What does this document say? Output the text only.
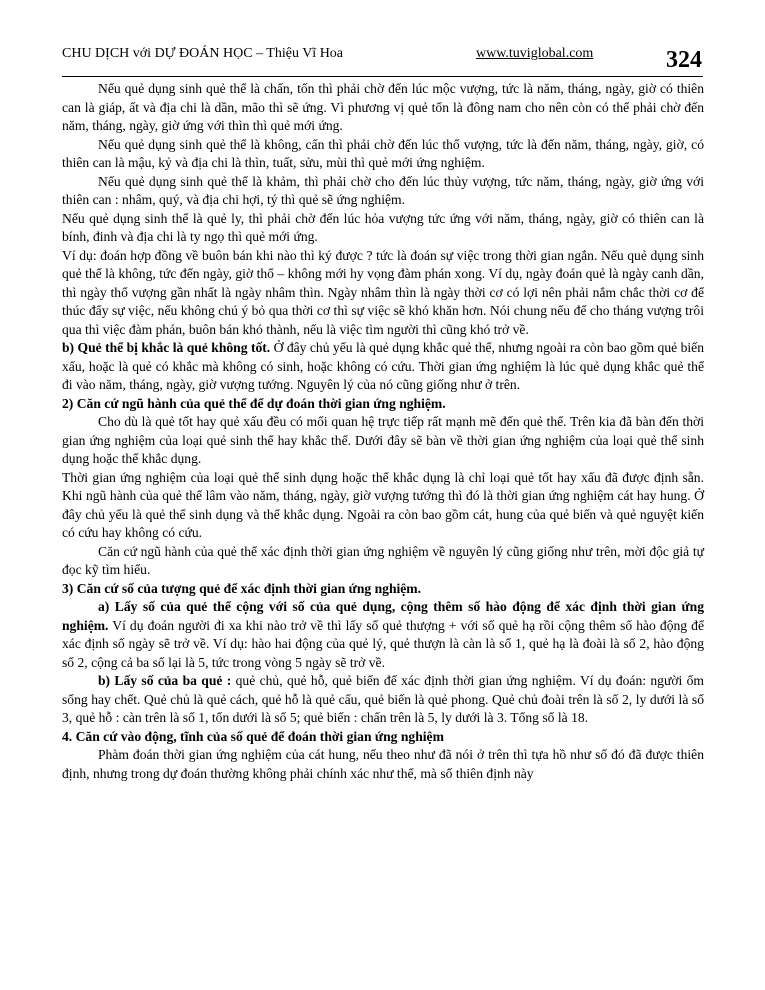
CHU DỊCH với DỰ ĐOÁN HỌC – Thiệu Vĩ Hoa	www.tuviglobal.com	324

Nếu quẻ dụng sinh quẻ thể là chấn, tốn thì phải chờ đến lúc mộc vượng, tức là năm, tháng, ngày, giờ có thiên can là giáp, ất và địa chi là dần, mão thì sẽ ứng. Vì phương vị quẻ tốn là đông nam cho nên còn có thể phải chờ đến năm, tháng, ngày, giờ ứng với thìn thì quẻ mới ứng.

Nếu quẻ dụng sinh quẻ thể là không, cấn thì phải chờ đến lúc thổ vượng, tức là đến năm, tháng, ngày, giờ, có thiên can là mậu, kỷ và địa chi là thìn, tuất, sửu, mùi thì quẻ mới ứng nghiệm.

Nếu quẻ dụng sinh quẻ thể là khảm, thì phải chờ cho đến lúc thủy vượng, tức năm, tháng, ngày, giờ ứng với thiên can : nhâm, quý, và địa chi hợi, tý thì quẻ sẽ ứng nghiệm.

Nếu quẻ dụng sinh thể là quẻ ly, thì phải chờ đến lúc hỏa vượng tức ứng với năm, tháng, ngày, giờ có thiên can là bính, đinh và địa chi là ty ngọ thì quẻ mới ứng.

Ví dụ: đoán hợp đồng về buôn bán khi nào thì ký được ? tức là đoán sự việc trong thời gian ngắn. Nếu quẻ dụng sinh quẻ thể là không, tức đến ngày, giờ thổ – không mới hy vọng đàm phán xong. Ví dụ, ngày đoán quẻ là ngày canh dần, thì ngày thổ vượng gần nhất là ngày nhâm thìn. Ngày nhâm thìn là ngày thời cơ có lợi nên phải nắm chắc thời cơ để thúc đẩy sự việc, nếu không chú ý bỏ qua thời cơ thì sự việc sẽ khó khăn hơn. Nói chung nếu để cho tháng vượng trôi qua thì việc đàm phán, buôn bán khó thành, nếu là việc tìm người thì cũng khó trở về.

b) Quẻ thể bị khắc là quẻ không tốt. Ở đây chủ yếu là quẻ dụng khắc quẻ thể, nhưng ngoài ra còn bao gồm quẻ biến xấu, hoặc là quẻ có khắc mà không có sinh, hoặc không có cứu. Thời gian ứng nghiệm là lúc quẻ dụng khắc quẻ thể đi vào năm, tháng, ngày, giờ vượng tướng. Nguyên lý của nó cũng giống như ở trên.

2) Căn cứ ngũ hành của quẻ thể để dự đoán thời gian ứng nghiệm.

Cho dù là quẻ tốt hay quẻ xấu đều có mối quan hệ trực tiếp rất mạnh mẽ đến quẻ thể. Trên kia đã bàn đến thời gian ứng nghiệm của loại quẻ sinh thể hay khắc thể. Dưới đây sẽ bàn về thời gian ứng nghiệm của loại quẻ thể sinh dụng hoặc thể khắc dụng.

Thời gian ứng nghiệm của loại quẻ thể sinh dụng hoặc thể khắc dụng là chỉ loại quẻ tốt hay xấu đã được định sẵn. Khi ngũ hành của quẻ thể lâm vào năm, tháng, ngày, giờ vượng tướng thì đó là thời gian ứng nghiệm cát hay hung. Ở đây chủ yếu là quẻ thể sinh dụng và thể khắc dụng. Ngoài ra còn bao gồm cát, hung của quẻ biến và quẻ nguyệt kiến có cứu hay không có cứu.

Căn cứ ngũ hành của quẻ thể xác định thời gian ứng nghiệm về nguyên lý cũng giống như trên, mời độc giả tự đọc kỹ tìm hiểu.

3) Căn cứ số của tượng quẻ để xác định thời gian ứng nghiệm.

a) Lấy số của quẻ thể cộng với số của quẻ dụng, cộng thêm số hào động để xác định thời gian ứng nghiệm. Ví dụ đoán người đi xa khi nào trở về thì lấy số quẻ thượng + với số quẻ hạ rồi cộng thêm số hào động để xác định số ngày sẽ trở về. Ví dụ: hào hai động của quẻ lý, quẻ thượn là càn là số 1, quẻ hạ là đoài là số 2, hào động số 2, cộng cả ba số lại là 5, tức trong vòng 5 ngày sẽ trở về.

b) Lấy số của ba quẻ : quẻ chủ, quẻ hỗ, quẻ biến để xác định thời gian ứng nghiệm. Ví dụ đoán: người ốm sống hay chết. Quẻ chủ là quẻ cách, quẻ hỗ là quẻ cấu, quẻ biến là quẻ phong. Quẻ chủ đoài trên là số 2, ly dưới là số 3, quẻ hỗ : càn trên là số 1, tốn dưới là số 5; quẻ biến : chấn trên là 5, ly dưới là 3. Tổng số là 18.

4. Căn cứ vào động, tĩnh của số quẻ để đoán thời gian ứng nghiệm

Phàm đoán thời gian ứng nghiệm của cát hung, nếu theo như đã nói ở trên thì tựa hồ như số đó đã được thiên định, nhưng trong dự đoán thường không phải chính xác như thế, mà số thiên định này
